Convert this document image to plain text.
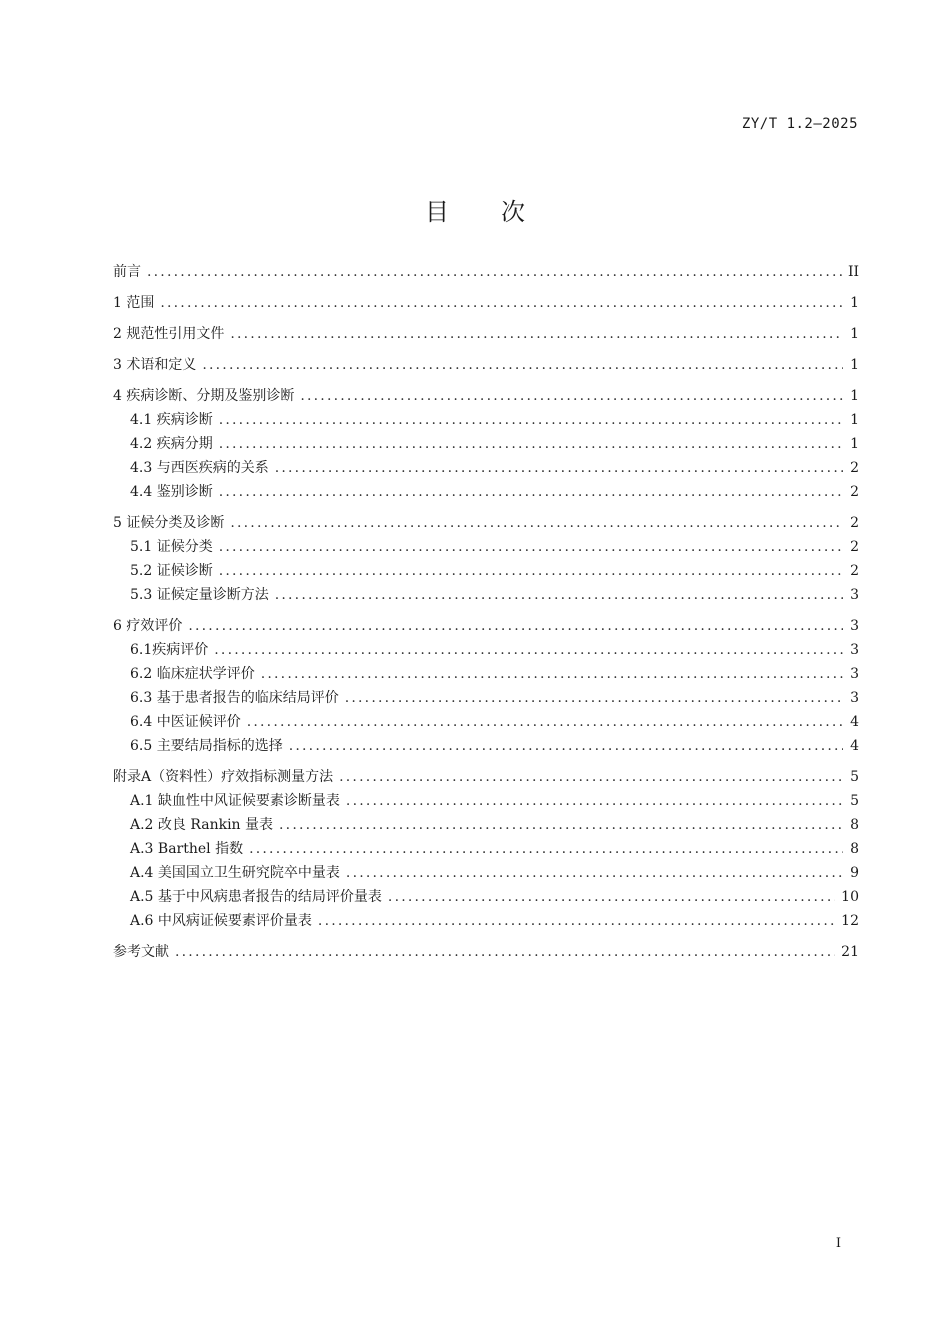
ZY/T 1.2—2025
目次
前言 .....	II
1 范围 .....	1
2 规范性引用文件 .....	1
3 术语和定义 .....	1
4 疾病诊断、分期及鉴别诊断 .....	1
4.1 疾病诊断 .....	1
4.2 疾病分期 .....	1
4.3 与西医疾病的关系 .....	2
4.4 鉴别诊断 .....	2
5 证候分类及诊断 .....	2
5.1 证候分类 .....	2
5.2 证候诊断 .....	2
5.3 证候定量诊断方法 .....	3
6 疗效评价 .....	3
6.1疾病评价 .....	3
6.2 临床症状学评价 .....	3
6.3 基于患者报告的临床结局评价 .....	3
6.4 中医证候评价 .....	4
6.5 主要结局指标的选择 .....	4
附录A（资料性）疗效指标测量方法 .....	5
A.1 缺血性中风证候要素诊断量表 .....	5
A.2 改良 Rankin 量表 .....	8
A.3 Barthel 指数 .....	8
A.4 美国国立卫生研究院卒中量表 .....	9
A.5 基于中风病患者报告的结局评价量表 .....	10
A.6 中风病证候要素评价量表 .....	12
参考文献 .....	21
I
